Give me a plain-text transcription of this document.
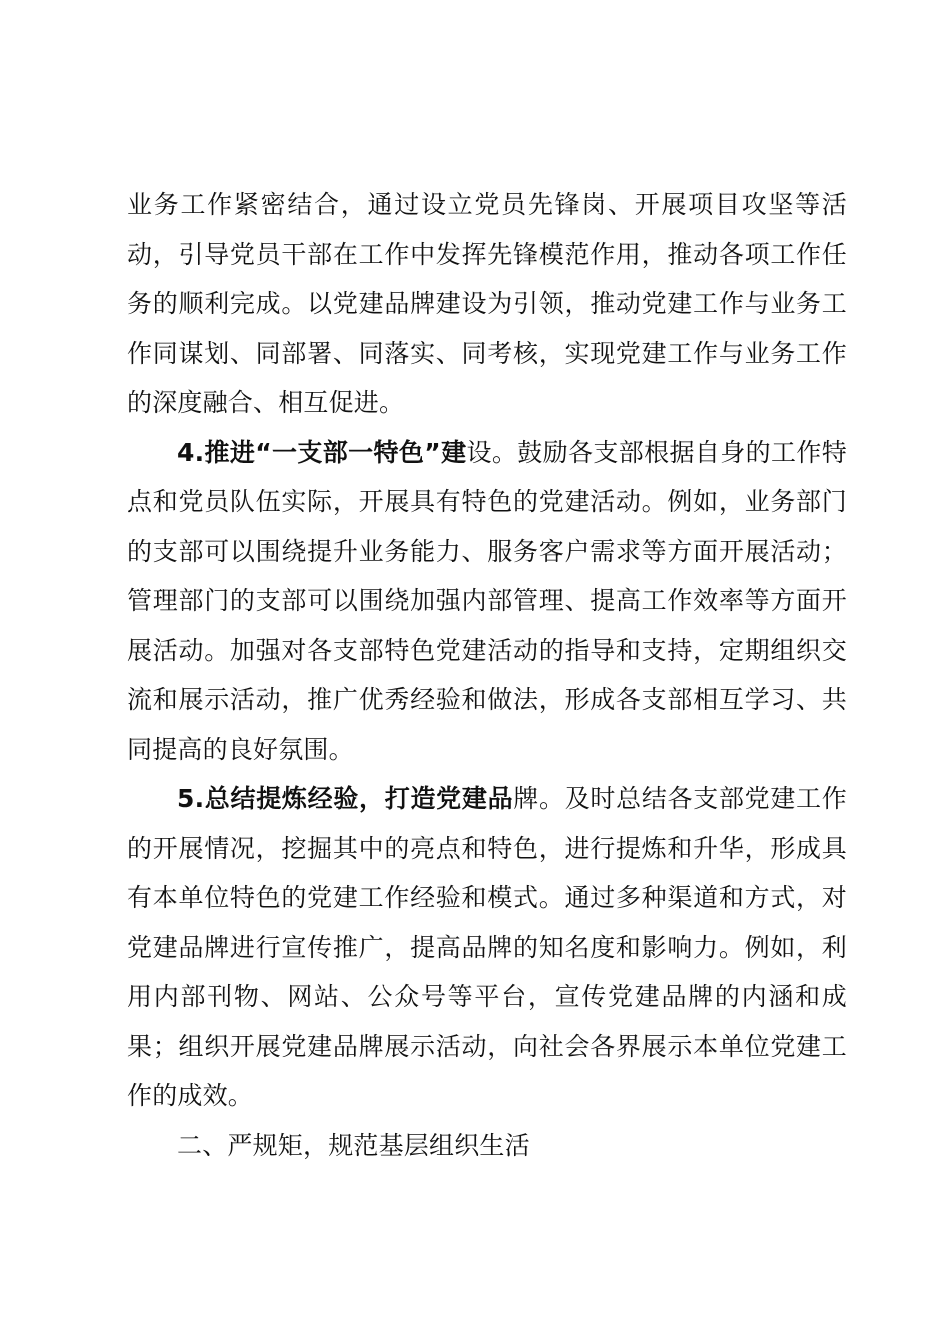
业务工作紧密结合，通过设立党员先锋岗、开展项目攻坚等活动，引导党员干部在工作中发挥先锋模范作用，推动各项工作任务的顺利完成。以党建品牌建设为引领，推动党建工作与业务工作同谋划、同部署、同落实、同考核，实现党建工作与业务工作的深度融合、相互促进。

4.推进“一支部一特色”建设。鼓励各支部根据自身的工作特点和党员队伍实际，开展具有特色的党建活动。例如，业务部门的支部可以围绕提升业务能力、服务客户需求等方面开展活动；管理部门的支部可以围绕加强内部管理、提高工作效率等方面开展活动。加强对各支部特色党建活动的指导和支持，定期组织交流和展示活动，推广优秀经验和做法，形成各支部相互学习、共同提高的良好氛围。

5.总结提炼经验，打造党建品牌。及时总结各支部党建工作的开展情况，挖掘其中的亮点和特色，进行提炼和升华，形成具有本单位特色的党建工作经验和模式。通过多种渠道和方式，对党建品牌进行宣传推广，提高品牌的知名度和影响力。例如，利用内部刊物、网站、公众号等平台，宣传党建品牌的内涵和成果；组织开展党建品牌展示活动，向社会各界展示本单位党建工作的成效。

二、严规矩，规范基层组织生活
